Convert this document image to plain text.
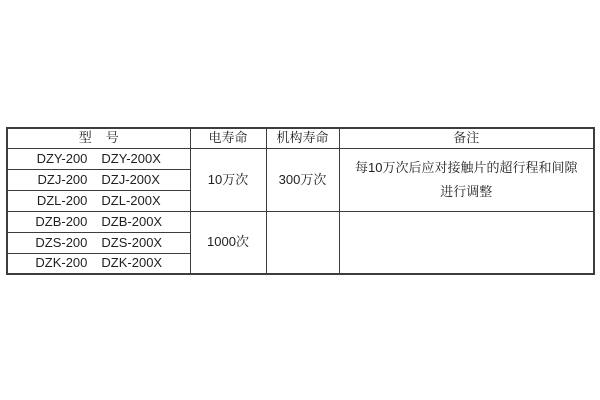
型 号	电寿命	机构寿命	备注
DZY-200 DZY-200X	10万次	300万次	每10万次后应对接触片的超行程和间隙
进行调整

DZJ-200 DZJ-200X			
DZL-200 DZL-200X			
DZB-200 DZB-200X	1000次		

DZS-200 DZS-200X			
DZK-200 DZK-200X			
